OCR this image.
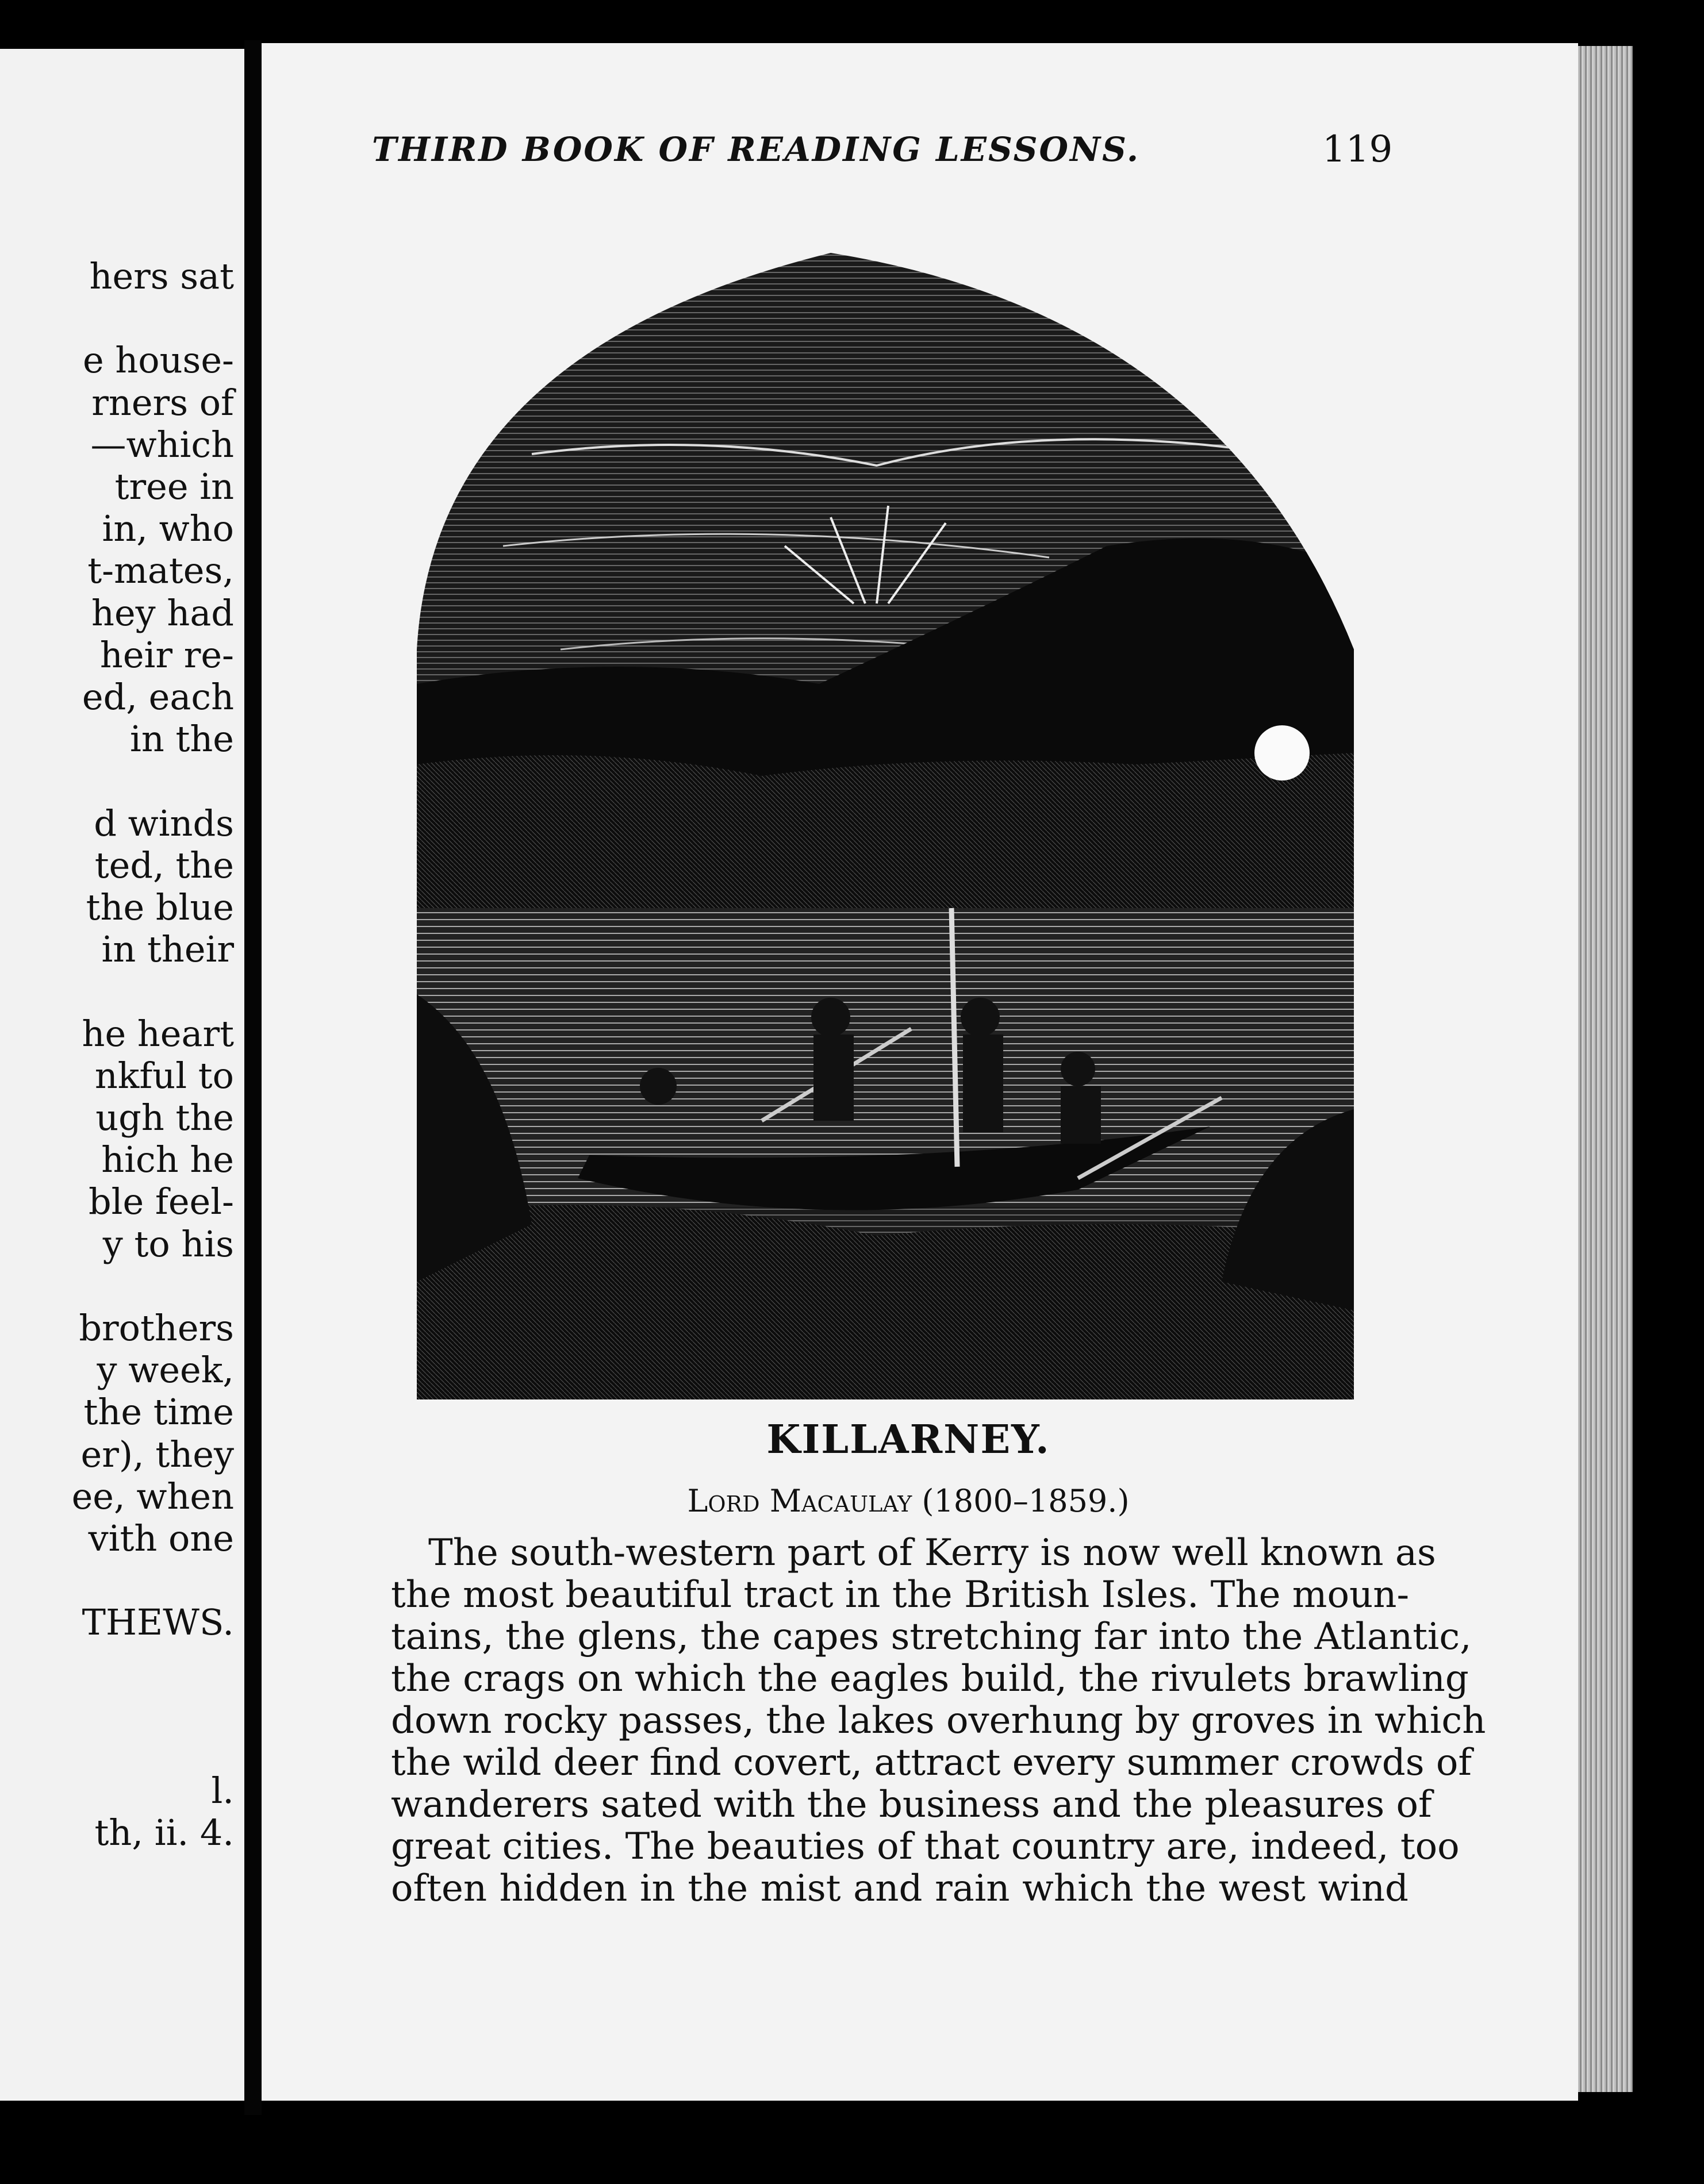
hers sat
e house-
rners of
—which
tree in
in, who
t-mates,
hey had
heir re-
ed, each
in the
d winds
ted, the
the blue
in their
he heart
nkful to
ugh the
hich he
ble feel-
y to his
brothers
y week,
the time
er), they
ee, when
vith one
THEWS.
l.
th, ii. 4.
THIRD BOOK OF READING LESSONS.	119
KILLARNEY.
Lord Macaulay (1800–1859.)
The south-western part of Kerry is now well known as
the most beautiful tract in the British Isles. The moun-
tains, the glens, the capes stretching far into the Atlantic,
the crags on which the eagles build, the rivulets brawling
down rocky passes, the lakes overhung by groves in which
the wild deer find covert, attract every summer crowds of
wanderers sated with the business and the pleasures of
great cities. The beauties of that country are, indeed, too
often hidden in the mist and rain which the west wind
